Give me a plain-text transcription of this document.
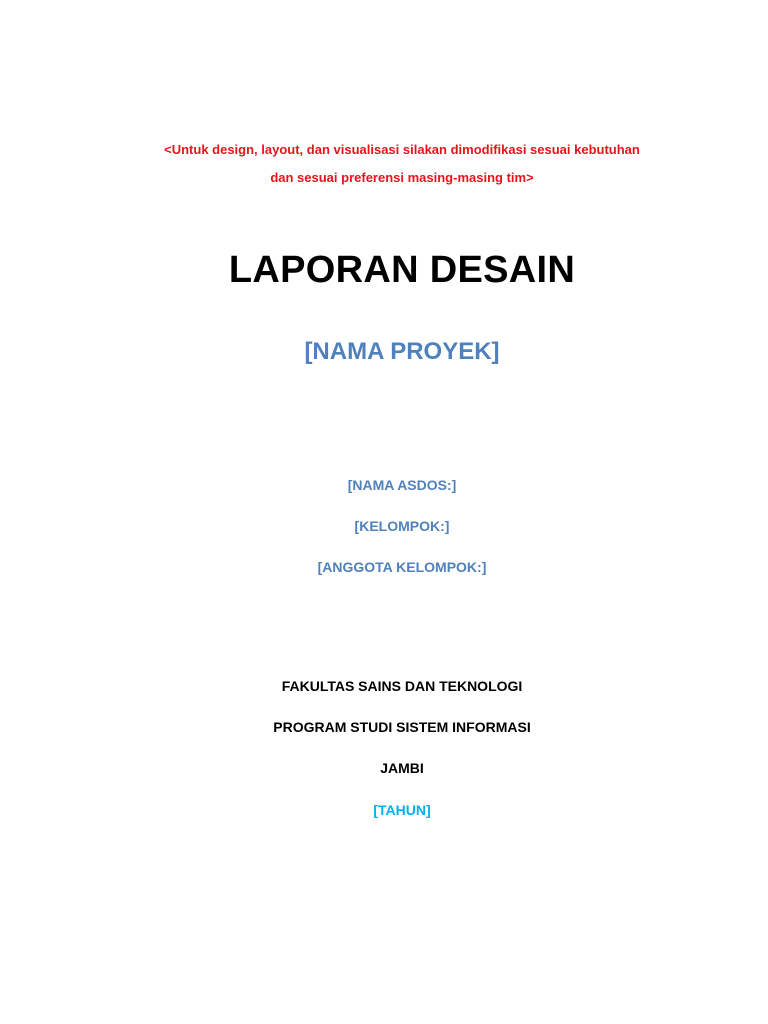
<Untuk design, layout, dan visualisasi silakan dimodifikasi sesuai kebutuhan
dan sesuai preferensi masing-masing tim>
LAPORAN DESAIN
[NAMA PROYEK]
[NAMA ASDOS:]
[KELOMPOK:]
[ANGGOTA KELOMPOK:]
FAKULTAS SAINS DAN TEKNOLOGI
PROGRAM STUDI SISTEM INFORMASI
JAMBI
[TAHUN]
